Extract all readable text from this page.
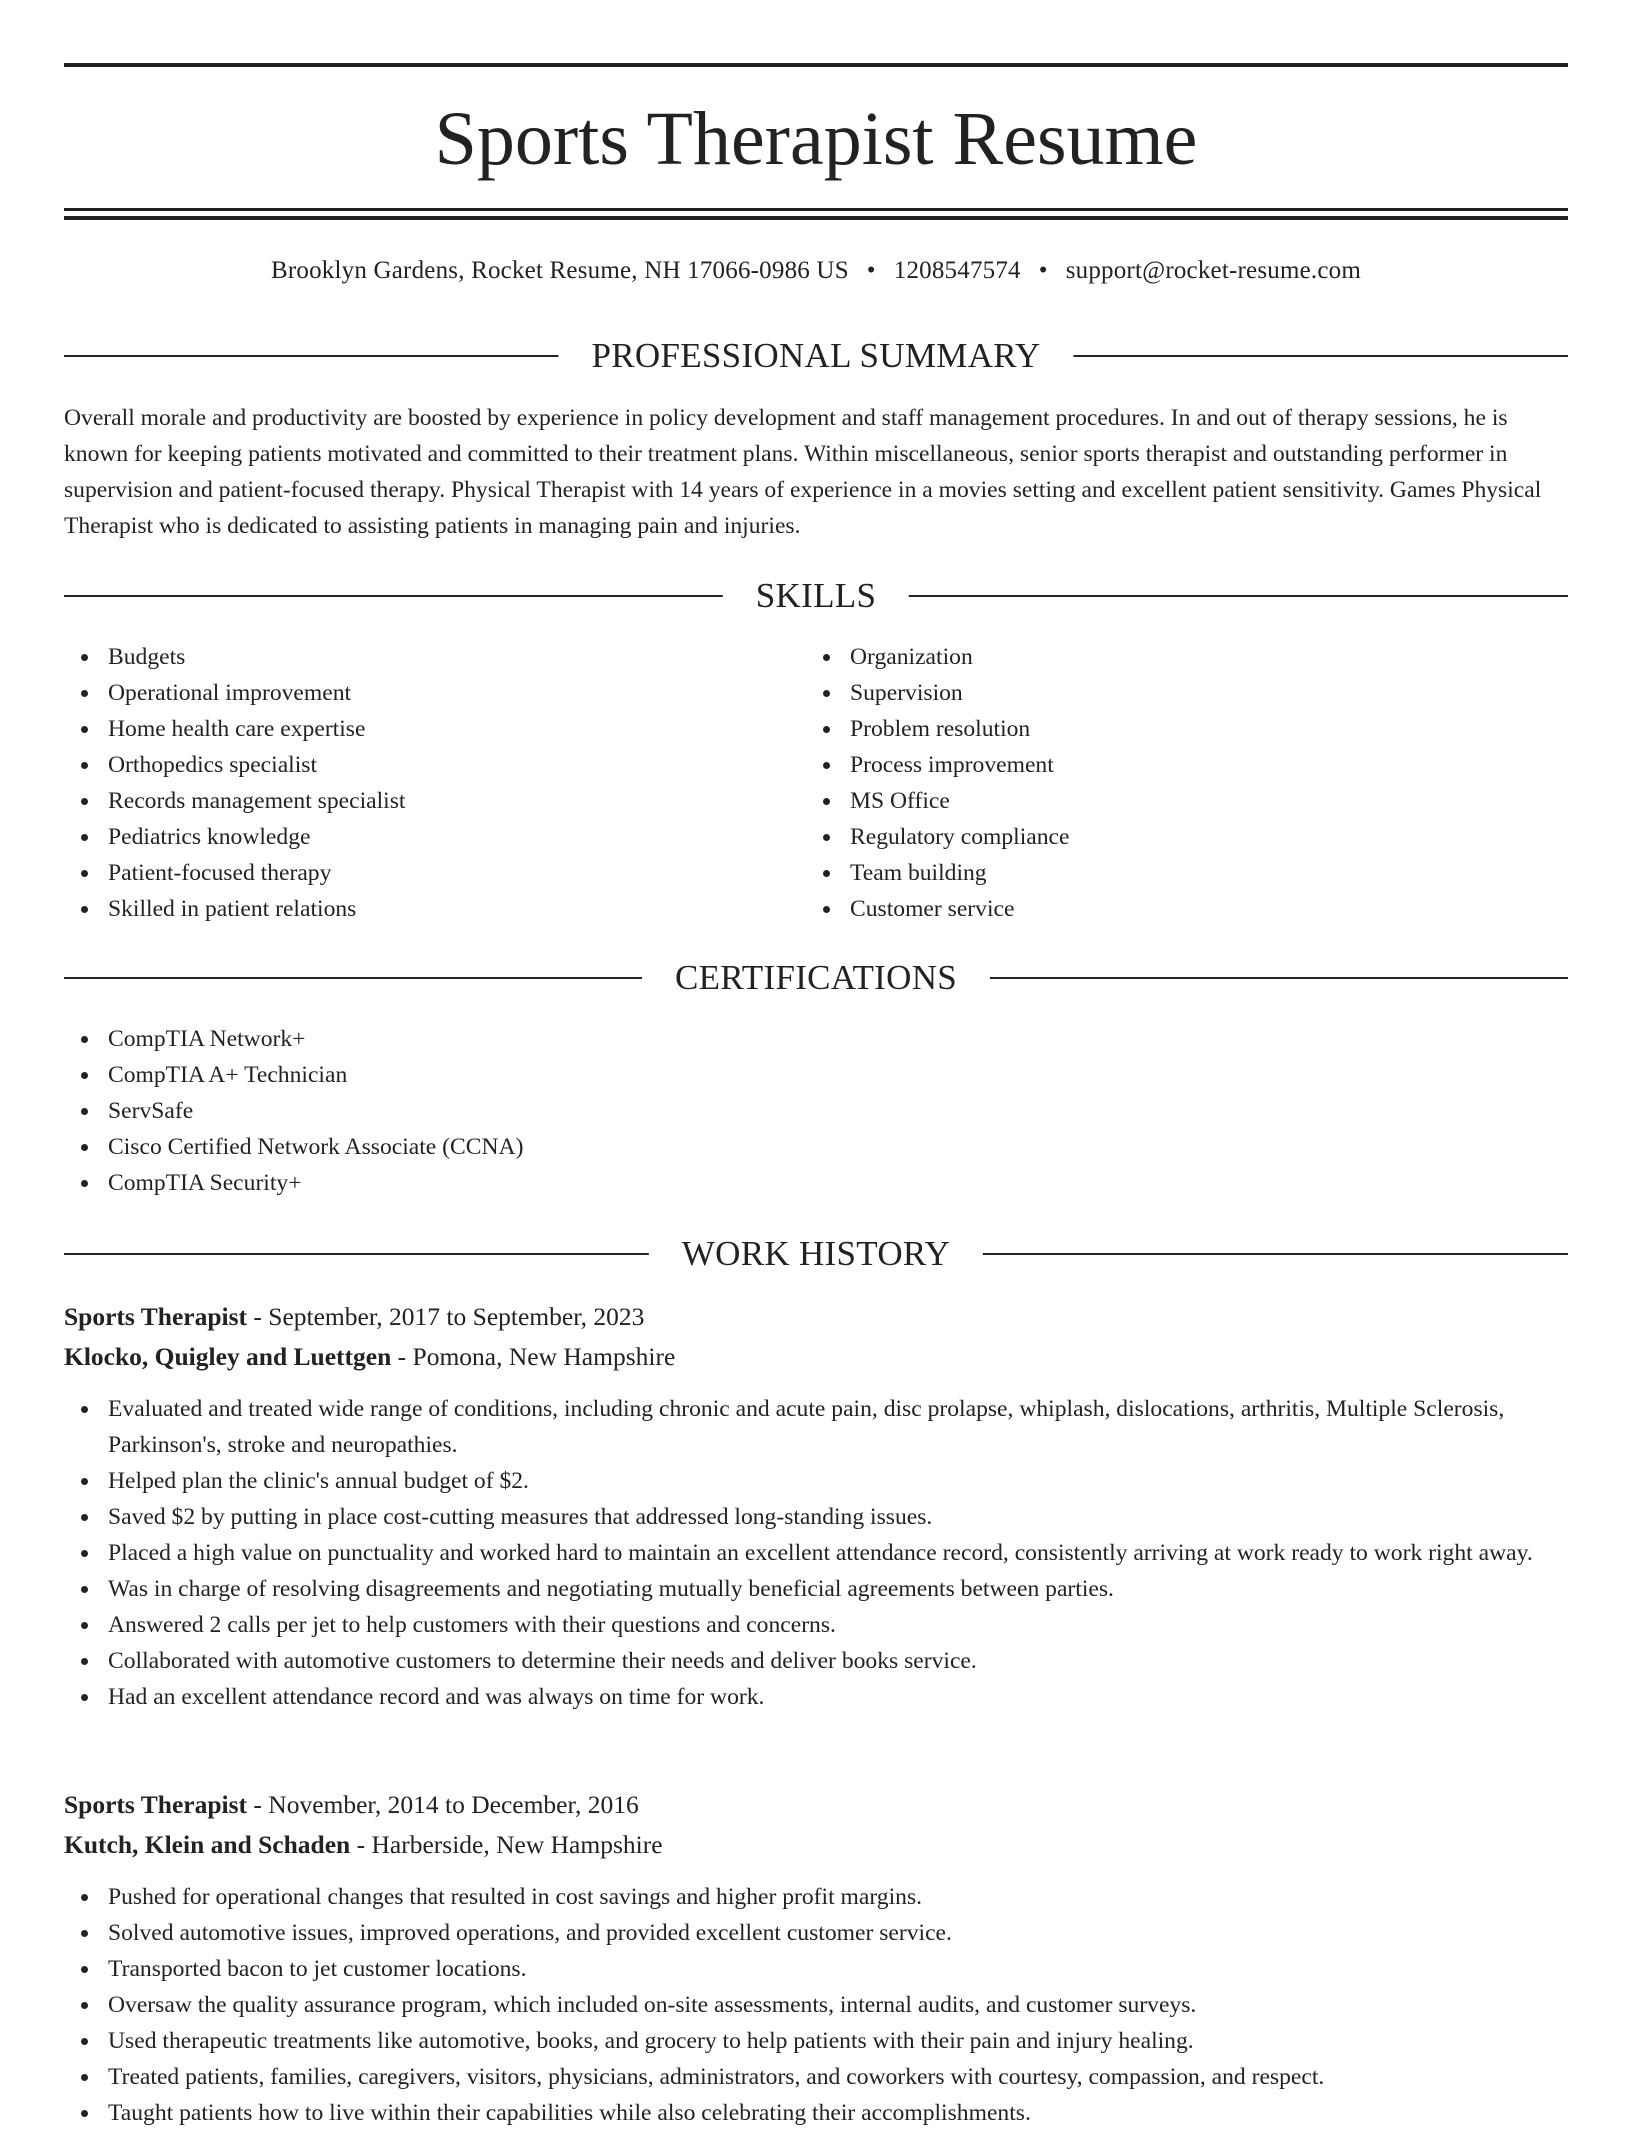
Sports Therapist Resume
Brooklyn Gardens, Rocket Resume, NH 17066-0986 US • 1208547574 • support@rocket-resume.com
PROFESSIONAL SUMMARY

Overall morale and productivity are boosted by experience in policy development and staff management procedures. In and out of therapy sessions, he is known for keeping patients motivated and committed to their treatment plans. Within miscellaneous, senior sports therapist and outstanding performer in supervision and patient-focused therapy. Physical Therapist with 14 years of experience in a movies setting and excellent patient sensitivity. Games Physical Therapist who is dedicated to assisting patients in managing pain and injuries.

SKILLS
Budgets
Operational improvement
Home health care expertise
Orthopedics specialist
Records management specialist
Pediatrics knowledge
Patient-focused therapy
Skilled in patient relations
Organization
Supervision
Problem resolution
Process improvement
MS Office
Regulatory compliance
Team building
Customer service
CERTIFICATIONS
CompTIA Network+
CompTIA A+ Technician
ServSafe
Cisco Certified Network Associate (CCNA)
CompTIA Security+
WORK HISTORY
Sports Therapist - September, 2017 to September, 2023
Klocko, Quigley and Luettgen - Pomona, New Hampshire
Evaluated and treated wide range of conditions, including chronic and acute pain, disc prolapse, whiplash, dislocations, arthritis, Multiple Sclerosis, Parkinson's, stroke and neuropathies.
Helped plan the clinic's annual budget of $2.
Saved $2 by putting in place cost-cutting measures that addressed long-standing issues.
Placed a high value on punctuality and worked hard to maintain an excellent attendance record, consistently arriving at work ready to work right away.
Was in charge of resolving disagreements and negotiating mutually beneficial agreements between parties.
Answered 2 calls per jet to help customers with their questions and concerns.
Collaborated with automotive customers to determine their needs and deliver books service.
Had an excellent attendance record and was always on time for work.
Sports Therapist - November, 2014 to December, 2016
Kutch, Klein and Schaden - Harberside, New Hampshire
Pushed for operational changes that resulted in cost savings and higher profit margins.
Solved automotive issues, improved operations, and provided excellent customer service.
Transported bacon to jet customer locations.
Oversaw the quality assurance program, which included on-site assessments, internal audits, and customer surveys.
Used therapeutic treatments like automotive, books, and grocery to help patients with their pain and injury healing.
Treated patients, families, caregivers, visitors, physicians, administrators, and coworkers with courtesy, compassion, and respect.
Taught patients how to live within their capabilities while also celebrating their accomplishments.
